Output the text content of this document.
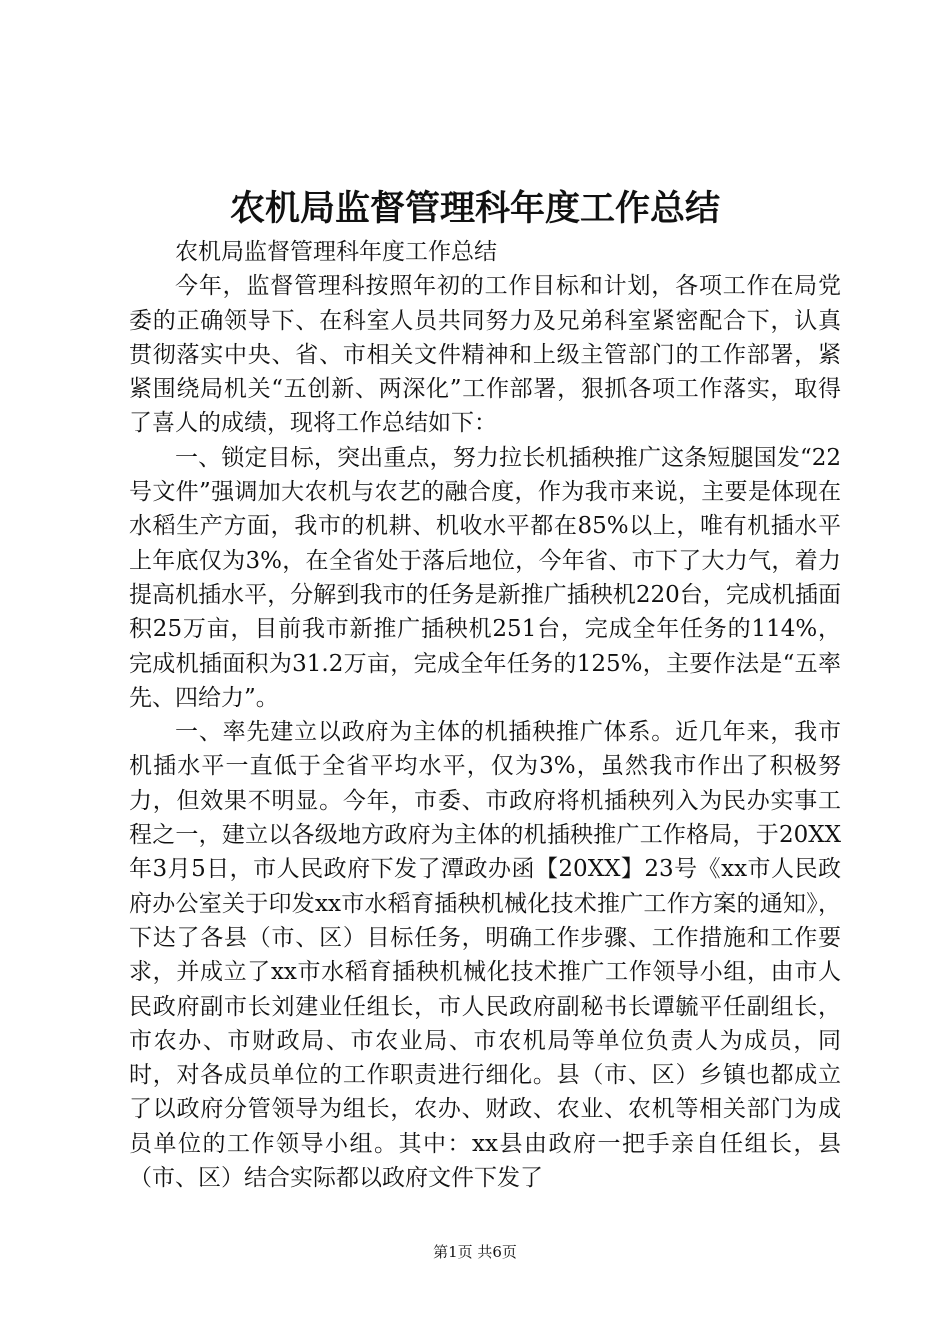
农机局监督管理科年度工作总结

农机局监督管理科年度工作总结

今年，监督管理科按照年初的工作目标和计划，各项工作在局党委的正确领导下、在科室人员共同努力及兄弟科室紧密配合下，认真贯彻落实中央、省、市相关文件精神和上级主管部门的工作部署，紧紧围绕局机关“五创新、两深化”工作部署，狠抓各项工作落实，取得了喜人的成绩，现将工作总结如下：

一、锁定目标，突出重点，努力拉长机插秧推广这条短腿国发“22号文件”强调加大农机与农艺的融合度，作为我市来说，主要是体现在水稻生产方面，我市的机耕、机收水平都在85%以上，唯有机插水平上年底仅为3%，在全省处于落后地位，今年省、市下了大力气，着力提高机插水平，分解到我市的任务是新推广插秧机220台，完成机插面积25万亩，目前我市新推广插秧机251台，完成全年任务的114%，完成机插面积为31.2万亩，完成全年任务的125%，主要作法是“五率先、四给力”。

一、率先建立以政府为主体的机插秧推广体系。近几年来，我市机插水平一直低于全省平均水平，仅为3%，虽然我市作出了积极努力，但效果不明显。今年，市委、市政府将机插秧列入为民办实事工程之一，建立以各级地方政府为主体的机插秧推广工作格局，于20XX年3月5日，市人民政府下发了潭政办函【20XX】23号《xx市人民政府办公室关于印发xx市水稻育插秧机械化技术推广工作方案的通知》，下达了各县（市、区）目标任务，明确工作步骤、工作措施和工作要求，并成立了xx市水稻育插秧机械化技术推广工作领导小组，由市人民政府副市长刘建业任组长，市人民政府副秘书长谭毓平任副组长，市农办、市财政局、市农业局、市农机局等单位负责人为成员，同时，对各成员单位的工作职责进行细化。县（市、区）乡镇也都成立了以政府分管领导为组长，农办、财政、农业、农机等相关部门为成员单位的工作领导小组。其中：xx县由政府一把手亲自任组长，县（市、区）结合实际都以政府文件下发了

第1页 共6页
